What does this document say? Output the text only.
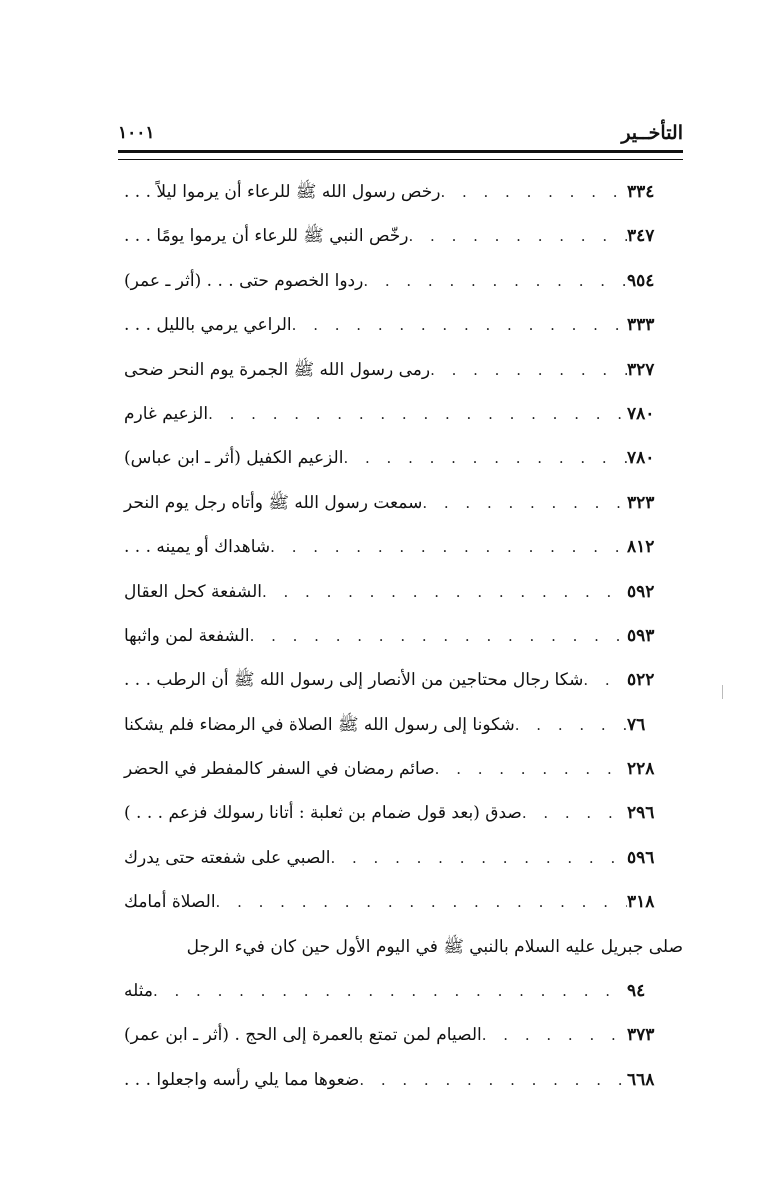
التأخــير
١٠٠١
رخص رسول الله ﷺ للرعاء أن يرموا ليلاً . . . . . .	٣٣٤
رخّص النبي ﷺ للرعاء أن يرموا يومًا . . . . . .	٣٤٧
ردوا الخصوم حتى . . . (أثر ـ عمر) . . .	٩٥٤
الراعي يرمي بالليل . . . . . .	٣٣٣
رمى رسول الله ﷺ الجمرة يوم النحر ضحى . . .	٣٢٧
الزعيم غارم . . .	٧٨٠
الزعيم الكفيل (أثر ـ ابن عباس) . . .	٧٨٠
سمعت رسول الله ﷺ وأتاه رجل يوم النحر . . .	٣٢٣
شاهداك أو يمينه . . . . . .	٨١٢
الشفعة كحل العقال . . .	٥٩٢
الشفعة لمن واثبها . . .	٥٩٣
شكا رجال محتاجين من الأنصار إلى رسول الله ﷺ أن الرطب . . . . . .	٥٢٢
شكونا إلى رسول الله ﷺ الصلاة في الرمضاء فلم يشكنا . . .	٧٦
صائم رمضان في السفر كالمفطر في الحضر . . .	٢٢٨
صدق (بعد قول ضمام بن ثعلبة : أتانا رسولك فزعم . . . ) . . .	٢٩٦
الصبي على شفعته حتى يدرك . . .	٥٩٦
الصلاة أمامك . . .	٣١٨
صلى جبريل عليه السلام بالنبي ﷺ في اليوم الأول حين كان فيء الرجل
مثله . . .	٩٤
الصيام لمن تمتع بالعمرة إلى الحج . (أثر ـ ابن عمر) . . .	٣٧٣
ضعوها مما يلي رأسه واجعلوا . . . . . .	٦٦٨
